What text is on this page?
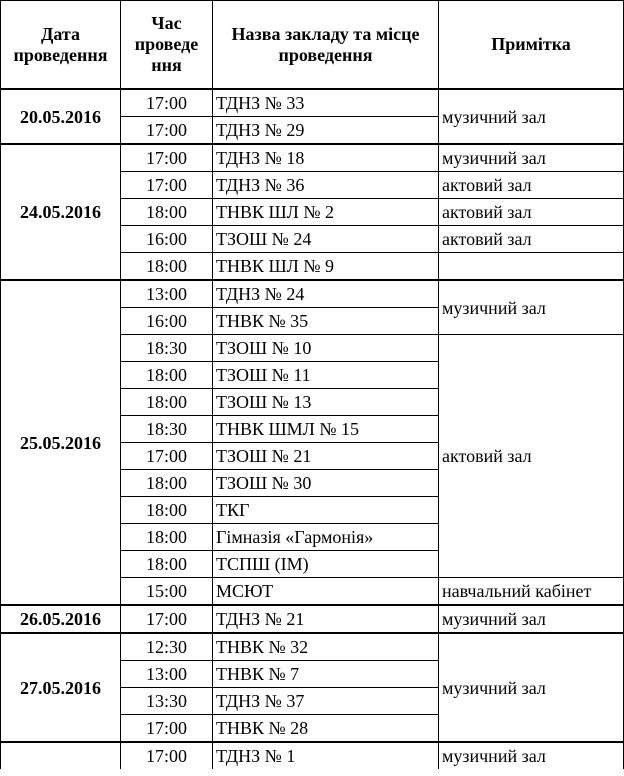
Дата проведення	Час проведе ння	Назва закладу та місце проведення	Примітка
20.05.2016	17:00	ТДНЗ № 33	музичний зал
	17:00	ТДНЗ № 29	
24.05.2016	17:00	ТДНЗ № 18	музичний зал
	17:00	ТДНЗ № 36	актовий зал
	18:00	ТНВК ШЛ № 2	актовий зал
	16:00	ТЗОШ № 24	актовий зал
	18:00	ТНВК ШЛ № 9	
25.05.2016	13:00	ТДНЗ № 24	музичний зал
	16:00	ТНВК № 35	
	18:30	ТЗОШ № 10	актовий зал
	18:00	ТЗОШ № 11	
	18:00	ТЗОШ № 13	
	18:30	ТНВК ШМЛ № 15	
	17:00	ТЗОШ № 21	
	18:00	ТЗОШ № 30	
	18:00	ТКГ	
	18:00	Гімназія «Гармонія»	
	18:00	ТСПШ (ІМ)	
	15:00	МСЮТ	навчальний кабінет
26.05.2016	17:00	ТДНЗ № 21	музичний зал
27.05.2016	12:30	ТНВК № 32	музичний зал
	13:00	ТНВК № 7	
	13:30	ТДНЗ № 37	
	17:00	ТНВК № 28	
	17:00	ТДНЗ № 1	музичний зал
